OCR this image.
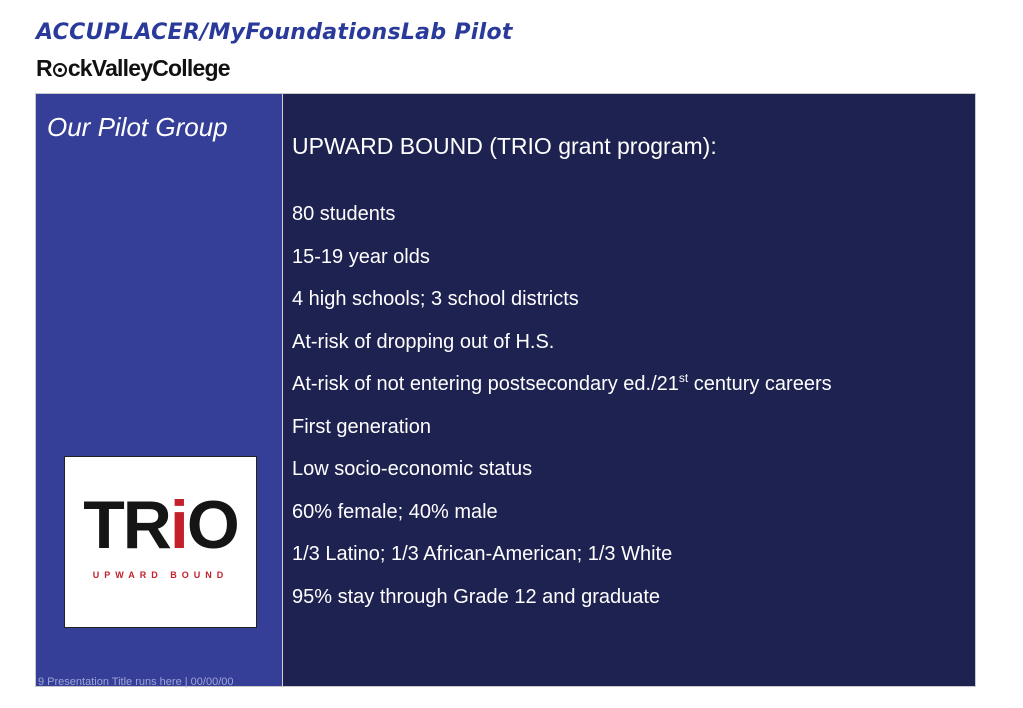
ACCUPLACER/MyFoundationsLab Pilot
R ckValleyCollege
Our Pilot Group
TRiO
UPWARD BOUND
UPWARD BOUND (TRIO grant program):
80 students
15-19 year olds
4 high schools; 3 school districts
At-risk of dropping out of H.S.
At-risk of not entering postsecondary ed./21st century careers
First generation
Low socio-economic status
60% female; 40% male
1/3 Latino; 1/3 African-American; 1/3 White
95% stay through Grade 12 and graduate
9 Presentation Title runs here | 00/00/00
